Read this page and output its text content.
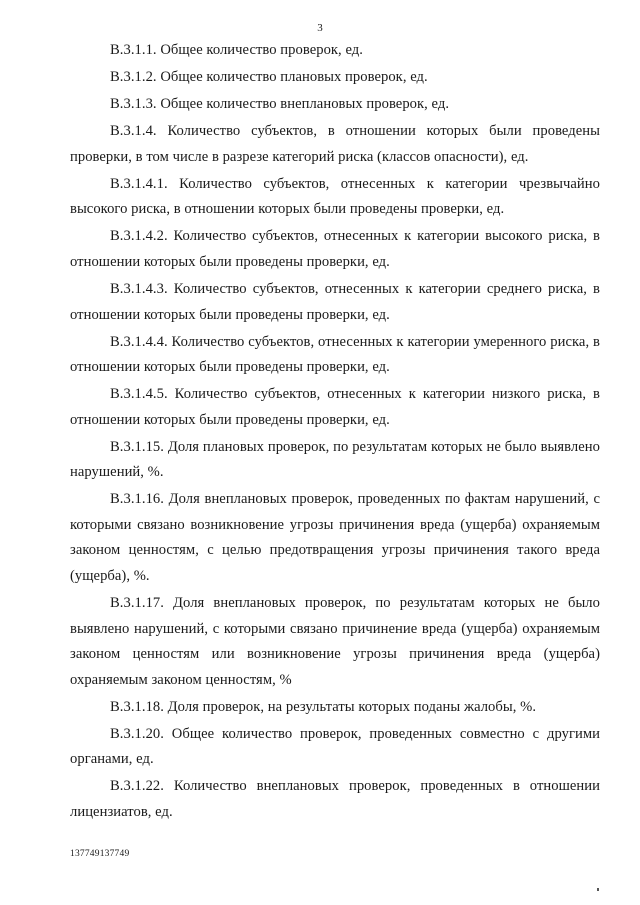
3

В.3.1.1. Общее количество проверок, ед.

В.3.1.2. Общее количество плановых проверок, ед.

В.3.1.3. Общее количество внеплановых проверок, ед.

В.3.1.4. Количество субъектов, в отношении которых были проведены проверки, в том числе в разрезе категорий риска (классов опасности), ед.

В.3.1.4.1. Количество субъектов, отнесенных к категории чрезвычайно высокого риска, в отношении которых были проведены проверки, ед.

В.3.1.4.2. Количество субъектов, отнесенных к категории высокого риска, в отношении которых были проведены проверки, ед.

В.3.1.4.3. Количество субъектов, отнесенных к категории среднего риска, в отношении которых были проведены проверки, ед.

В.3.1.4.4. Количество субъектов, отнесенных к категории умеренного риска, в отношении которых были проведены проверки, ед.

В.3.1.4.5. Количество субъектов, отнесенных к категории низкого риска, в отношении которых были проведены проверки, ед.

В.3.1.15. Доля плановых проверок, по результатам которых не было выявлено нарушений, %.

В.3.1.16. Доля внеплановых проверок, проведенных по фактам нарушений, с которыми связано возникновение угрозы причинения вреда (ущерба) охраняемым законом ценностям, с целью предотвращения угрозы причинения такого вреда (ущерба), %.

В.3.1.17. Доля внеплановых проверок, по результатам которых не было выявлено нарушений, с которыми связано причинение вреда (ущерба) охраняемым законом ценностям или возникновение угрозы причинения вреда (ущерба) охраняемым законом ценностям, %

В.3.1.18. Доля проверок, на результаты которых поданы жалобы, %.

В.3.1.20. Общее количество проверок, проведенных совместно с другими органами, ед.

В.3.1.22. Количество внеплановых проверок, проведенных в отношении лицензиатов, ед.

137749137749
